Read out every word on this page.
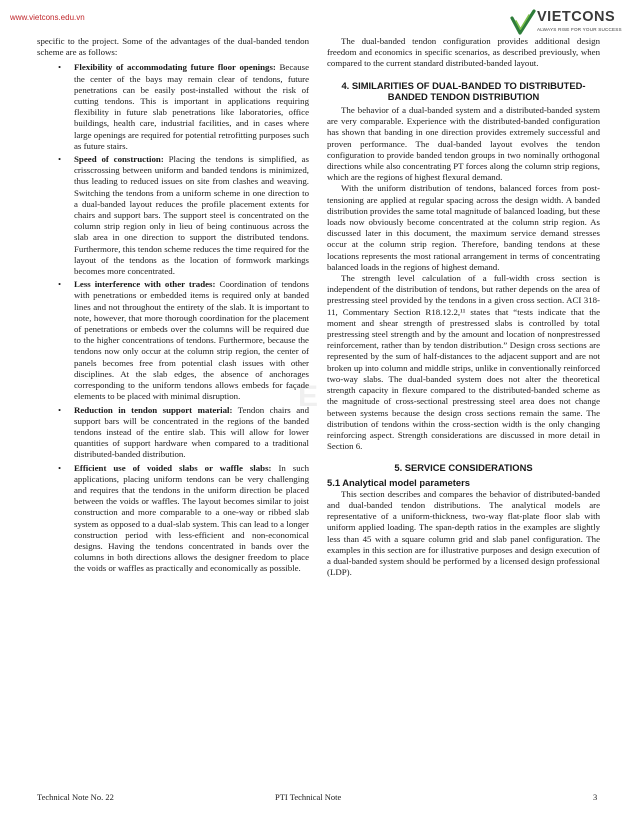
www.vietcons.edu.vn	VIETCONS
ALWAYS RISE FOR YOUR SUCCESS
E

specific to the project. Some of the advantages of the dual-banded tendon scheme are as follows:

• Flexibility of accommodating future floor openings: Because the center of the bays may remain clear of tendons, future penetrations can be easily post-installed without the risk of cutting tendons. This is important in applications requiring flexibility in future slab penetrations like laboratories, office buildings, health care, industrial facilities, and in cases where large openings are required for potential retrofitting purposes such as future stairs.
• Speed of construction: Placing the tendons is simplified, as crisscrossing between uniform and banded tendons is minimized, thus leading to reduced issues on site from clashes and weaving. Switching the tendons from a uniform scheme in one direction to a dual-banded layout reduces the profile placement extents for chairs and support bars. The support steel is concentrated on the column strip region only in lieu of being continuous across the slab area in one direction to support the distributed tendons. Furthermore, this tendon scheme reduces the time required for the layout of the tendons as the location of formwork markings becomes more concentrated.
• Less interference with other trades: Coordination of tendons with penetrations or embedded items is required only at banded lines and not throughout the entirety of the slab. It is important to note, however, that more thorough coordination for the placement of penetrations or embeds over the columns will be required due to the higher concentrations of tendons. Furthermore, because the tendons now only occur at the column strip region, the center of panels becomes free from potential clash issues with other disciplines. At the slab edges, the absence of anchorages corresponding to the uniform tendons allows embeds for façade elements to be placed with minimal disruption.
• Reduction in tendon support material: Tendon chairs and support bars will be concentrated in the regions of the banded tendons instead of the entire slab. This will allow for lower quantities of support hardware when compared to a traditional distributed-banded distribution.
• Efficient use of voided slabs or waffle slabs: In such applications, placing uniform tendons can be very challenging and requires that the tendons in the uniform direction be placed between the voids or waffles. The layout becomes similar to joist construction and more comparable to a one-way or ribbed slab system as opposed to a dual-slab system. This can lead to a longer construction period with less-efficient and non-economical designs. Having the tendons concentrated in bands over the columns in both directions allows the designer freedom to place the voids or waffles as practically and economically as possible.

The dual-banded tendon configuration provides additional design freedom and economics in specific scenarios, as described previously, when compared to the current standard distributed-banded layout.

4. SIMILARITIES OF DUAL-BANDED TO DISTRIBUTED-BANDED TENDON DISTRIBUTION

The behavior of a dual-banded system and a distributed-banded system are very comparable. Experience with the distributed-banded configuration has shown that banding in one direction provides extremely successful and proven performance. The dual-banded layout evolves the tendon configuration to provide banded tendon groups in two nominally orthogonal directions while also concentrating PT forces along the column strip regions, which are the regions of highest flexural demand.

With the uniform distribution of tendons, balanced forces from post-tensioning are applied at regular spacing across the design width. A banded distribution provides the same total magnitude of balanced loading, but these loads now obviously become concentrated at the column strip region. As discussed later in this document, the maximum service demand stresses occur at the column strip region. Therefore, banding tendons at these locations represents the most rational arrangement in terms of concentrating balanced loads in the regions of highest demand.

The strength level calculation of a full-width cross section is independent of the distribution of tendons, but rather depends on the area of prestressing steel provided by the tendons in a given cross section. ACI 318-11, Commentary Section R18.12.2,¹¹ states that “tests indicate that the moment and shear strength of prestressed slabs is controlled by total prestressing steel strength and by the amount and location of nonprestressed reinforcement, rather than by tendon distribution.” Design cross sections are represented by the sum of half-distances to the adjacent support and are not broken up into column and middle strips, unlike in conventionally reinforced two-way slabs. The dual-banded system does not alter the theoretical strength capacity in flexure compared to the distributed-banded scheme as the magnitude of cross-sectional prestressing steel area does not change between systems because the design cross sections remain the same. The distribution of tendons within the cross-section width is the only changing reinforcing aspect. Strength considerations are discussed in more detail in Section 6.

5. SERVICE CONSIDERATIONS
5.1 Analytical model parameters

This section describes and compares the behavior of distributed-banded and dual-banded tendon distributions. The analytical models are representative of a uniform-thickness, two-way flat-plate floor slab with uniform applied loading. The span-depth ratios in the examples are slightly less than 45 with a square column grid and slab panel configuration. The examples in this section are for illustrative purposes and design execution of a dual-banded system should be performed by a licensed design professional (LDP).

Technical Note No. 22	PTI Technical Note	3
